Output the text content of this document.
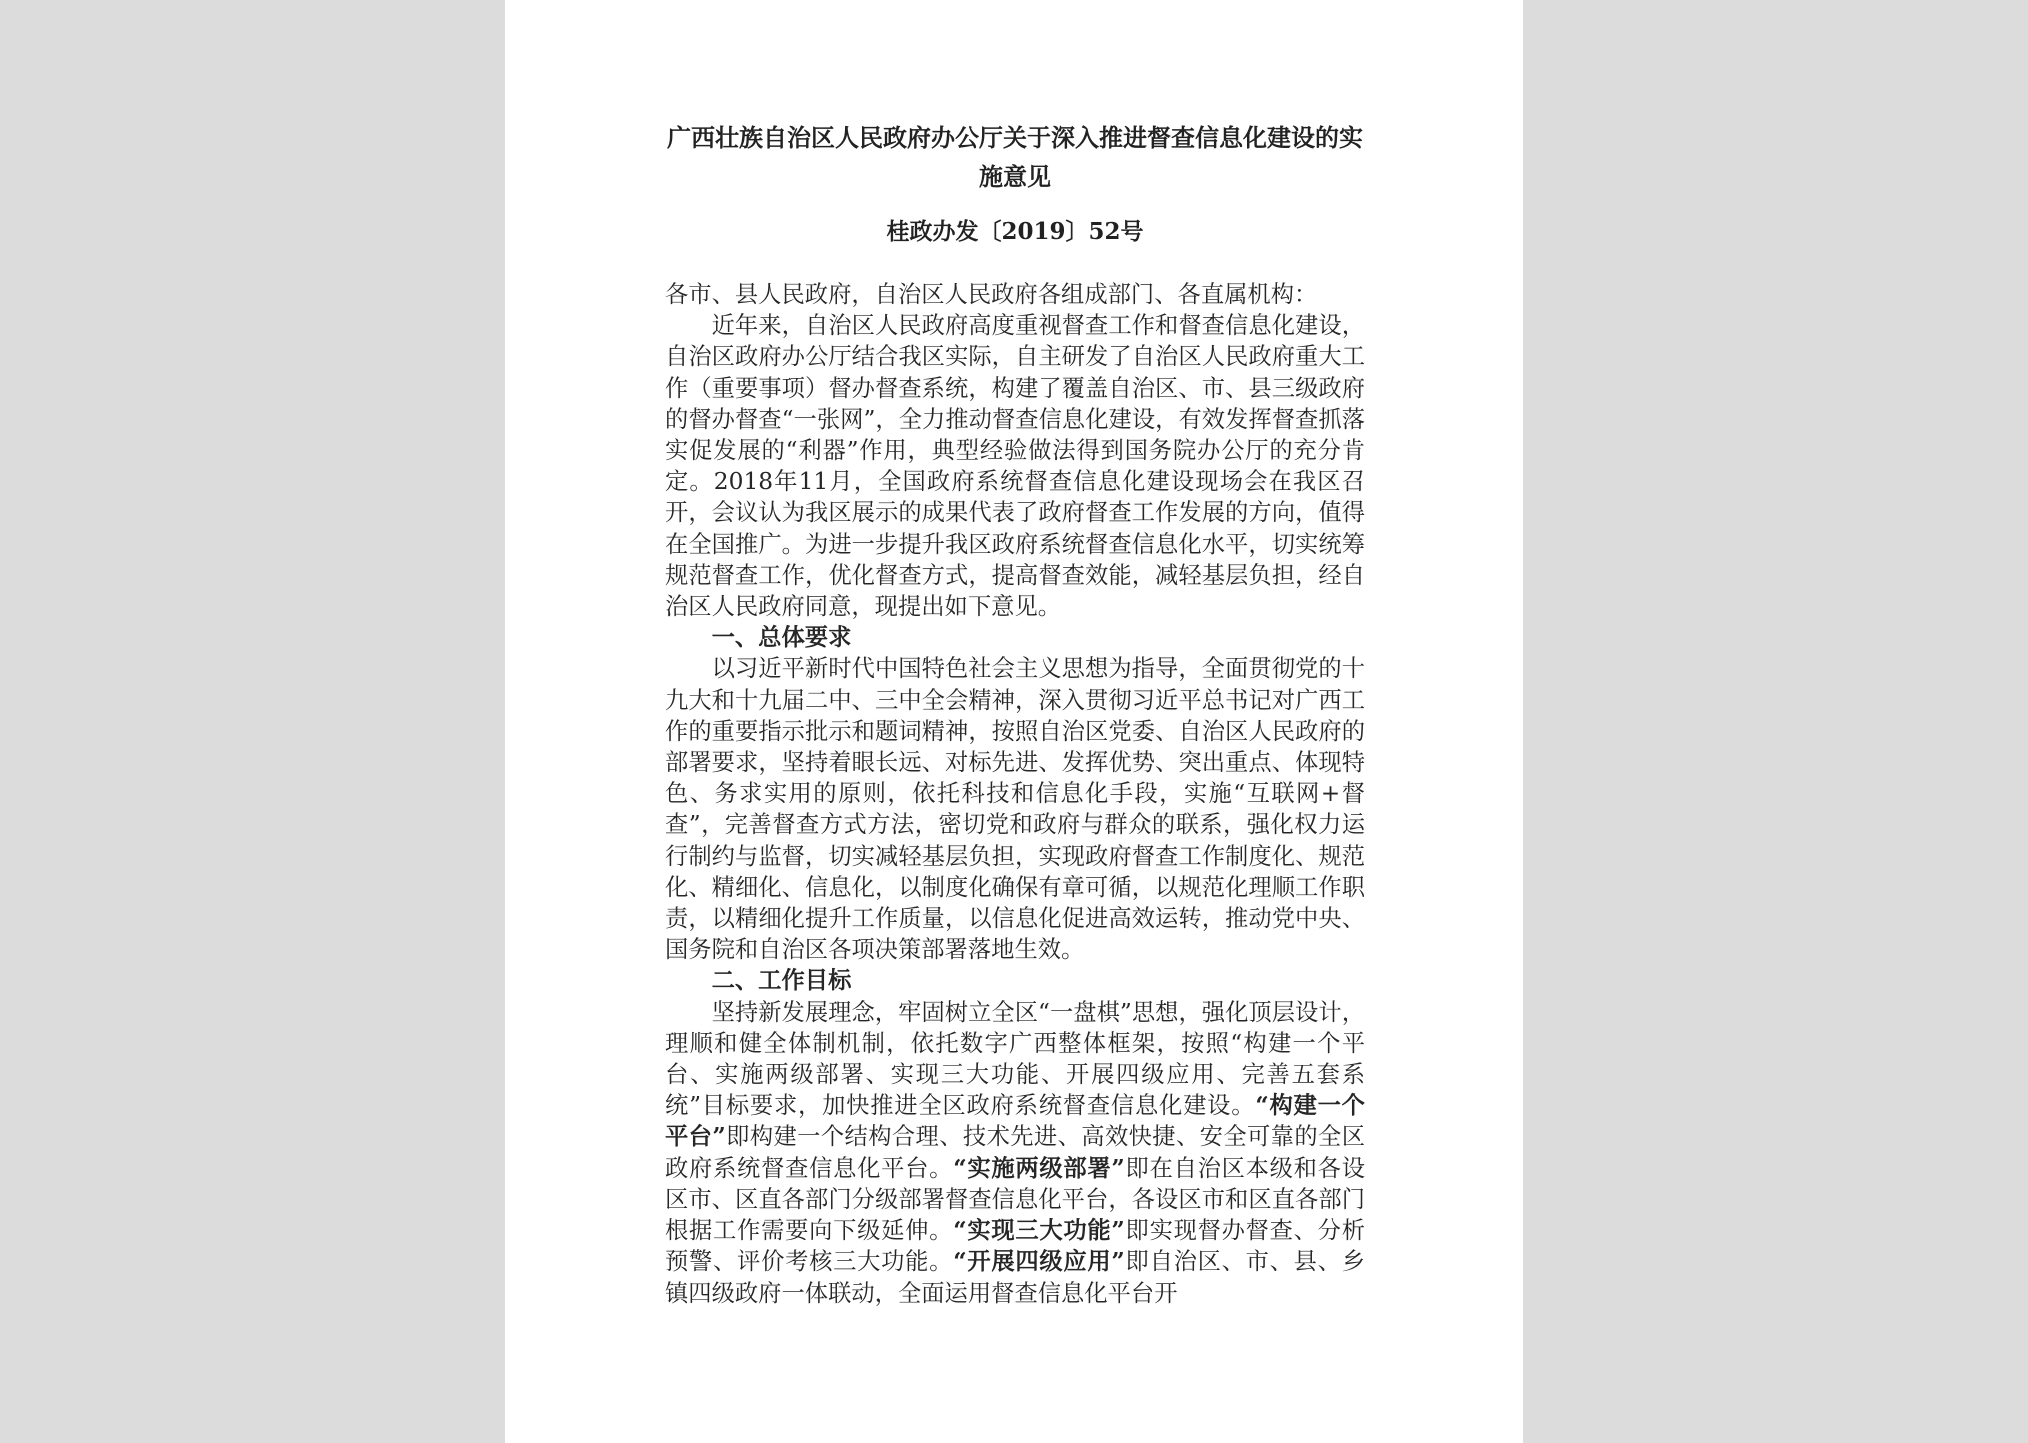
广西壮族自治区人民政府办公厅关于深入推进督查信息化建设的实施意见
桂政办发〔2019〕52号

各市、县人民政府，自治区人民政府各组成部门、各直属机构：

近年来，自治区人民政府高度重视督查工作和督查信息化建设，自治区政府办公厅结合我区实际，自主研发了自治区人民政府重大工作（重要事项）督办督查系统，构建了覆盖自治区、市、县三级政府的督办督查“一张网”，全力推动督查信息化建设，有效发挥督查抓落实促发展的“利器”作用，典型经验做法得到国务院办公厅的充分肯定。2018年11月，全国政府系统督查信息化建设现场会在我区召开，会议认为我区展示的成果代表了政府督查工作发展的方向，值得在全国推广。为进一步提升我区政府系统督查信息化水平，切实统筹规范督查工作，优化督查方式，提高督查效能，减轻基层负担，经自治区人民政府同意，现提出如下意见。

一、总体要求

以习近平新时代中国特色社会主义思想为指导，全面贯彻党的十九大和十九届二中、三中全会精神，深入贯彻习近平总书记对广西工作的重要指示批示和题词精神，按照自治区党委、自治区人民政府的部署要求，坚持着眼长远、对标先进、发挥优势、突出重点、体现特色、务求实用的原则，依托科技和信息化手段，实施“互联网+督查”，完善督查方式方法，密切党和政府与群众的联系，强化权力运行制约与监督，切实减轻基层负担，实现政府督查工作制度化、规范化、精细化、信息化，以制度化确保有章可循，以规范化理顺工作职责，以精细化提升工作质量，以信息化促进高效运转，推动党中央、国务院和自治区各项决策部署落地生效。

二、工作目标

坚持新发展理念，牢固树立全区“一盘棋”思想，强化顶层设计，理顺和健全体制机制，依托数字广西整体框架，按照“构建一个平台、实施两级部署、实现三大功能、开展四级应用、完善五套系统”目标要求，加快推进全区政府系统督查信息化建设。“构建一个平台”即构建一个结构合理、技术先进、高效快捷、安全可靠的全区政府系统督查信息化平台。“实施两级部署”即在自治区本级和各设区市、区直各部门分级部署督查信息化平台，各设区市和区直各部门根据工作需要向下级延伸。“实现三大功能”即实现督办督查、分析预警、评价考核三大功能。“开展四级应用”即自治区、市、县、乡镇四级政府一体联动，全面运用督查信息化平台开
